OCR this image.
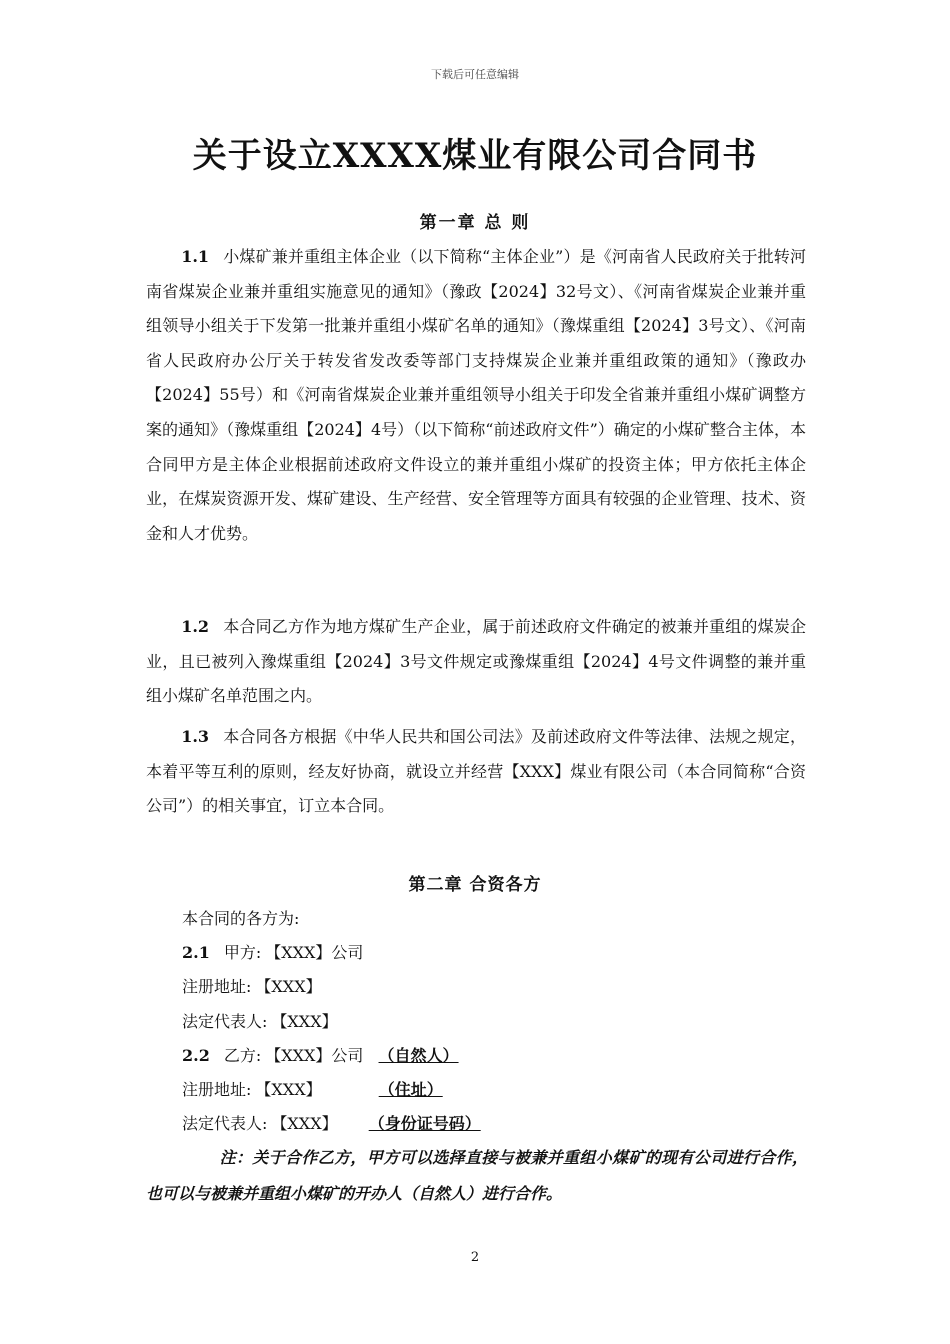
下载后可任意编辑
关于设立XXXX煤业有限公司合同书
第一章 总 则

1.1 小煤矿兼并重组主体企业（以下简称“主体企业”）是《河南省人民政府关于批转河南省煤炭企业兼并重组实施意见的通知》（豫政【2024】32号文）、《河南省煤炭企业兼并重组领导小组关于下发第一批兼并重组小煤矿名单的通知》（豫煤重组【2024】3号文）、《河南省人民政府办公厅关于转发省发改委等部门支持煤炭企业兼并重组政策的通知》（豫政办【2024】55号）和《河南省煤炭企业兼并重组领导小组关于印发全省兼并重组小煤矿调整方案的通知》（豫煤重组【2024】4号）（以下简称“前述政府文件”）确定的小煤矿整合主体，本合同甲方是主体企业根据前述政府文件设立的兼并重组小煤矿的投资主体；甲方依托主体企业，在煤炭资源开发、煤矿建设、生产经营、安全管理等方面具有较强的企业管理、技术、资金和人才优势。

1.2 本合同乙方作为地方煤矿生产企业，属于前述政府文件确定的被兼并重组的煤炭企业，且已被列入豫煤重组【2024】3号文件规定或豫煤重组【2024】4号文件调整的兼并重组小煤矿名单范围之内。

1.3 本合同各方根据《中华人民共和国公司法》及前述政府文件等法律、法规之规定，本着平等互利的原则，经友好协商，就设立并经营【XXX】煤业有限公司（本合同简称“合资公司”）的相关事宜，订立本合同。

第二章 合资各方
本合同的各方为:
2.1 甲方: 【XXX】公司
注册地址: 【XXX】
法定代表人: 【XXX】
2.2 乙方: 【XXX】公司 （自然人）
注册地址: 【XXX】	（住址）
法定代表人: 【XXX】 （身份证号码）

注：关于合作乙方，甲方可以选择直接与被兼并重组小煤矿的现有公司进行合作，也可以与被兼并重组小煤矿的开办人（自然人）进行合作。

2
